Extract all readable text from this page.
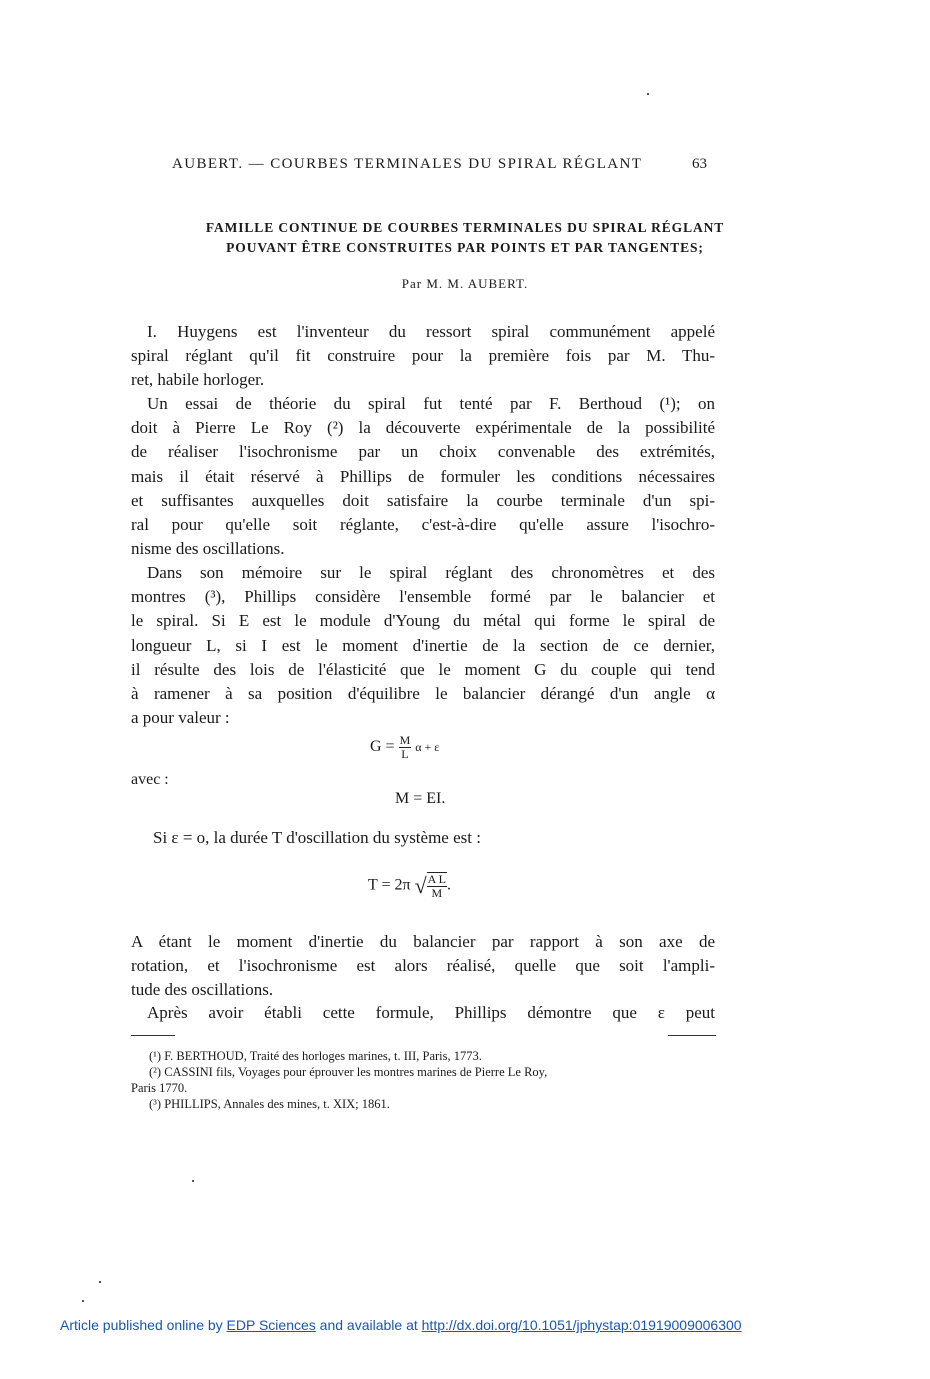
AUBERT. — COURBES TERMINALES DU SPIRAL RÉGLANT	63
FAMILLE CONTINUE DE COURBES TERMINALES DU SPIRAL RÉGLANT
POUVANT ÊTRE CONSTRUITES PAR POINTS ET PAR TANGENTES;
Par M. M. AUBERT.
I. Huygens est l'inventeur du ressort spiral communément appelé
spiral réglant qu'il fit construire pour la première fois par M. Thu-
ret, habile horloger.
Un essai de théorie du spiral fut tenté par F. Berthoud (¹); on
doit à Pierre Le Roy (²) la découverte expérimentale de la possibilité
de réaliser l'isochronisme par un choix convenable des extrémités,
mais il était réservé à Phillips de formuler les conditions nécessaires
et suffisantes auxquelles doit satisfaire la courbe terminale d'un spi-
ral pour qu'elle soit réglante, c'est-à-dire qu'elle assure l'isochro-
nisme des oscillations.
Dans son mémoire sur le spiral réglant des chronomètres et des
montres (³), Phillips considère l'ensemble formé par le balancier et
le spiral. Si E est le module d'Young du métal qui forme le spiral de
longueur L, si I est le moment d'inertie de la section de ce dernier,
il résulte des lois de l'élasticité que le moment G du couple qui tend
à ramener à sa position d'équilibre le balancier dérangé d'un angle α
a pour valeur :
$G = \frac{M}{L}$ α + ε
avec :
M = EI.
Si ε = o, la durée T d'oscillation du système est :
T = 2π √ $\frac{\text{A L}}{M}$ .
A étant le moment d'inertie du balancier par rapport à son axe de
rotation, et l'isochronisme est alors réalisé, quelle que soit l'ampli-
tude des oscillations.
Après avoir établi cette formule, Phillips démontre que ε peut
(¹) F. BERTHOUD, Traité des horloges marines, t. III, Paris, 1773.
(²) CASSINI fils, Voyages pour éprouver les montres marines de Pierre Le Roy,
Paris 1770.
(³) PHILLIPS, Annales des mines, t. XIX; 1861.
Article published online by EDP Sciences and available at http://dx.doi.org/10.1051/jphystap:01919009006300
